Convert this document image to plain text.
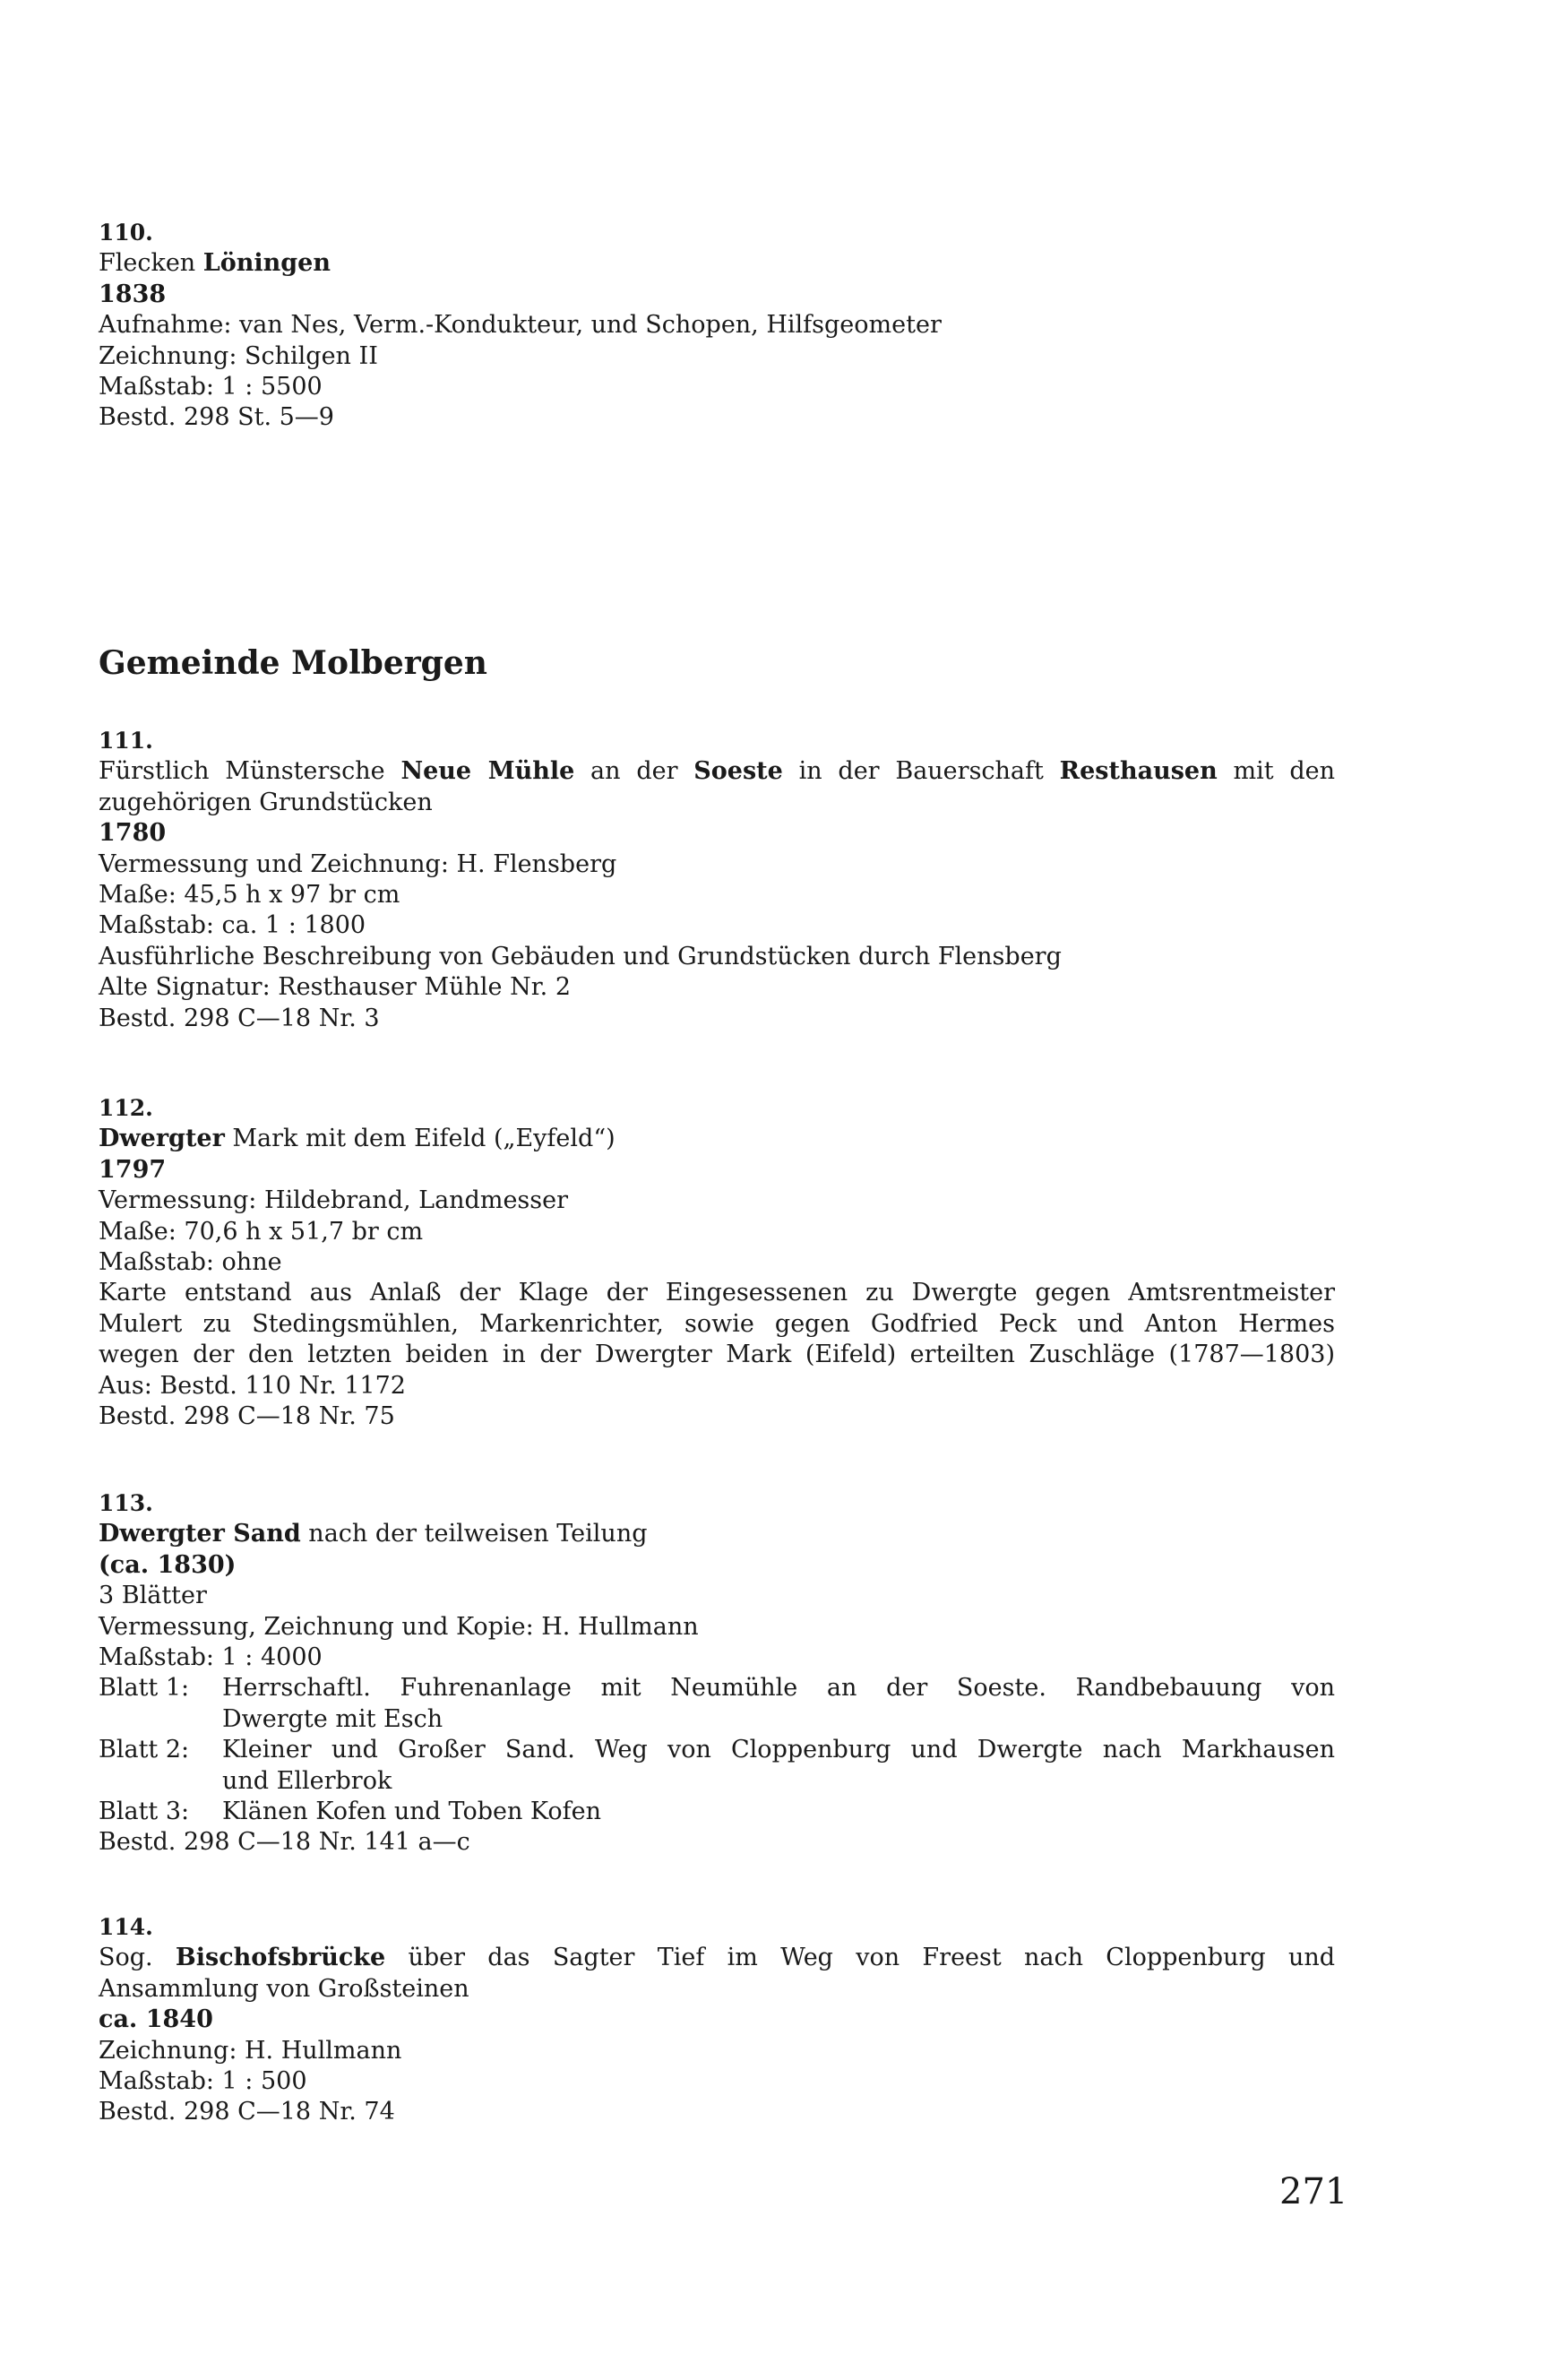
110.
Flecken Löningen
1838
Aufnahme: van Nes, Verm.-Kondukteur, und Schopen, Hilfsgeometer
Zeichnung: Schilgen II
Maßstab: 1 : 5500
Bestd. 298 St. 5—9
Gemeinde Molbergen
111.
Fürstlich Münstersche Neue Mühle an der Soeste in der Bauerschaft Resthausen mit den
zugehörigen Grundstücken
1780
Vermessung und Zeichnung: H. Flensberg
Maße: 45,5 h x 97 br cm
Maßstab: ca. 1 : 1800
Ausführliche Beschreibung von Gebäuden und Grundstücken durch Flensberg
Alte Signatur: Resthauser Mühle Nr. 2
Bestd. 298 C—18 Nr. 3
112.
Dwergter Mark mit dem Eifeld („Eyfeld“)
1797
Vermessung: Hildebrand, Landmesser
Maße: 70,6 h x 51,7 br cm
Maßstab: ohne
Karte entstand aus Anlaß der Klage der Eingesessenen zu Dwergte gegen Amtsrentmeister
Mulert zu Stedingsmühlen, Markenrichter, sowie gegen Godfried Peck und Anton Hermes
wegen der den letzten beiden in der Dwergter Mark (Eifeld) erteilten Zuschläge (1787—1803)
Aus: Bestd. 110 Nr. 1172
Bestd. 298 C—18 Nr. 75
113.
Dwergter Sand nach der teilweisen Teilung
(ca. 1830)
3 Blätter
Vermessung, Zeichnung und Kopie: H. Hullmann
Maßstab: 1 : 4000
Blatt 1:	Herrschaftl. Fuhrenanlage mit Neumühle an der Soeste. Randbebauung von
Dwergte mit Esch
Blatt 2:	Kleiner und Großer Sand. Weg von Cloppenburg und Dwergte nach Markhausen
und Ellerbrok
Blatt 3:	Klänen Kofen und Toben Kofen
Bestd. 298 C—18 Nr. 141 a—c
114.
Sog. Bischofsbrücke über das Sagter Tief im Weg von Freest nach Cloppenburg und
Ansammlung von Großsteinen
ca. 1840
Zeichnung: H. Hullmann
Maßstab: 1 : 500
Bestd. 298 C—18 Nr. 74
271
